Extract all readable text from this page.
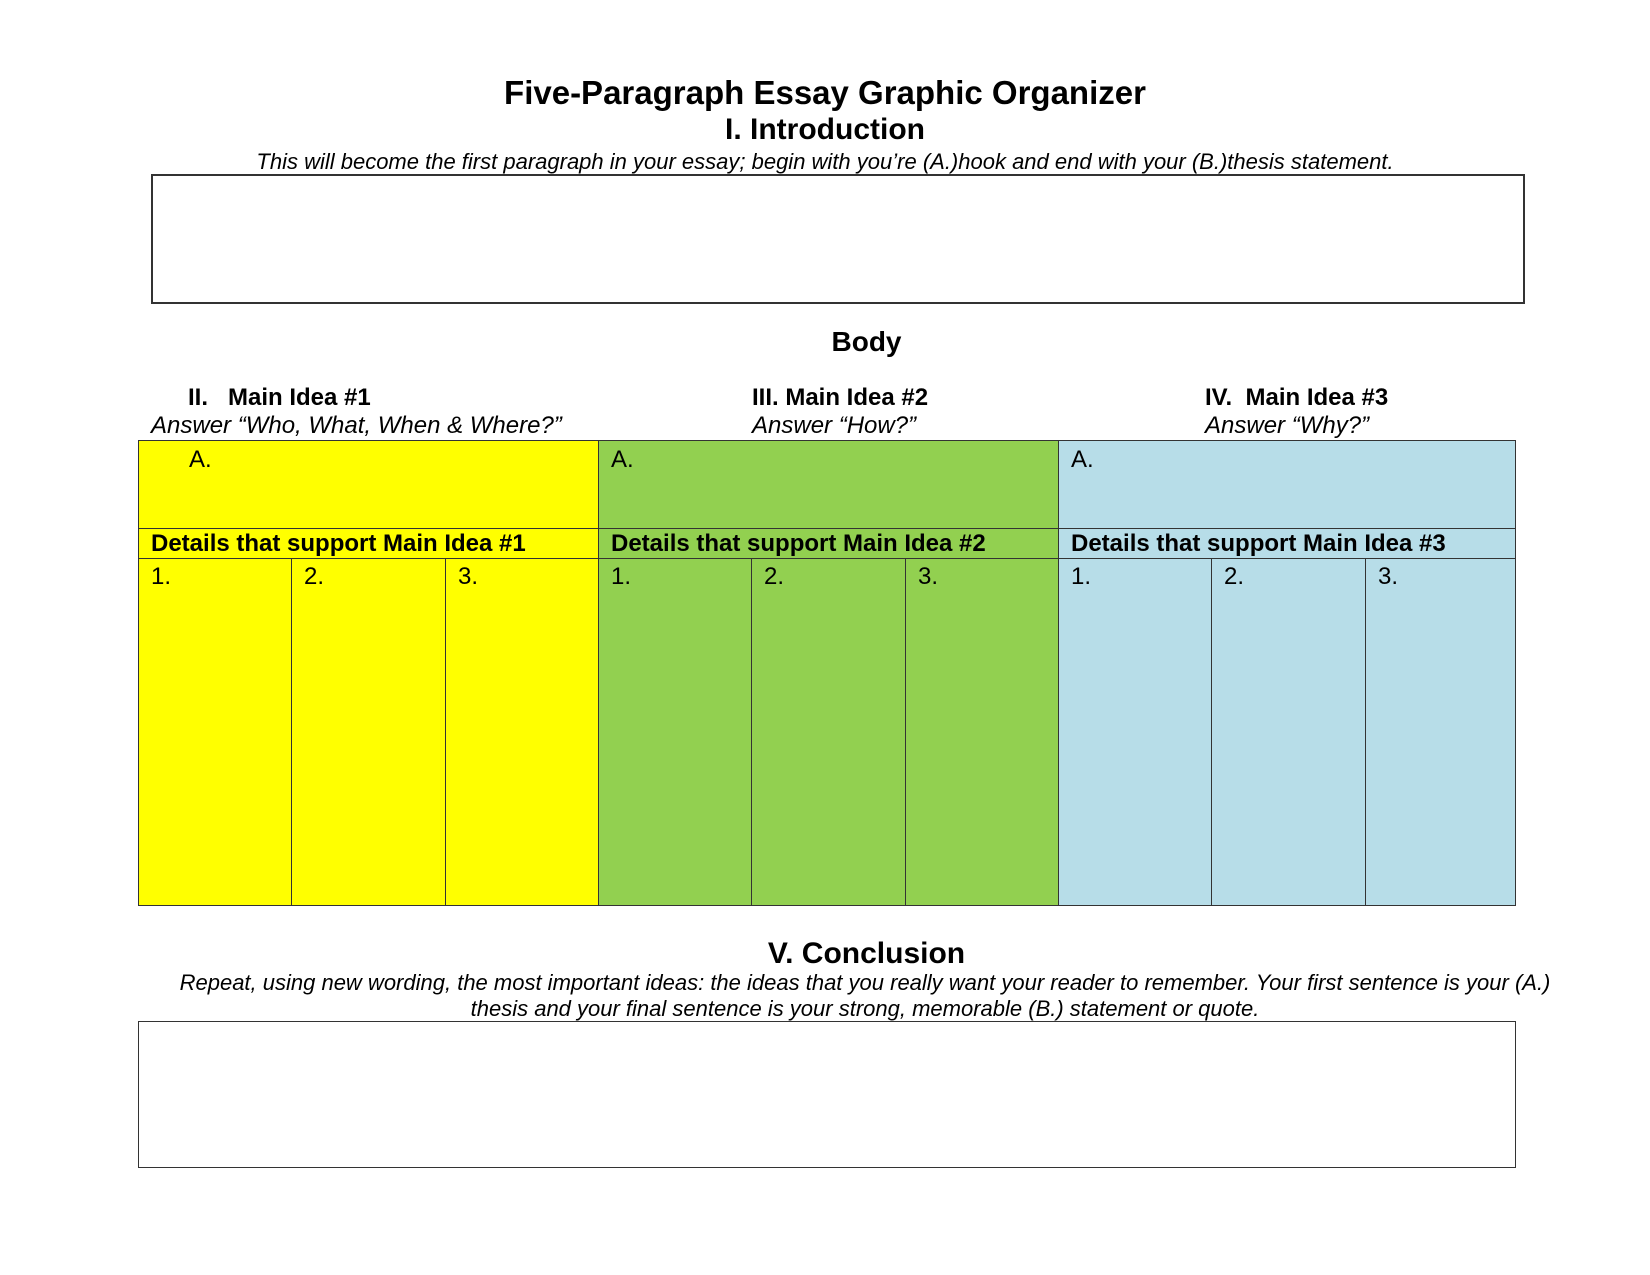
Five-Paragraph Essay Graphic Organizer
I. Introduction
This will become the first paragraph in your essay; begin with you’re (A.)hook and end with your (B.)thesis statement.
Body
II.   Main Idea #1
Answer “Who, What, When & Where?”
III. Main Idea #2
Answer “How?”
IV.  Main Idea #3
Answer “Why?”
A.
Details that support Main Idea #1
1.	2.	3.
A.
Details that support Main Idea #2
1.	2.	3.
A.
Details that support Main Idea #3
1.	2.	3.
V. Conclusion
Repeat, using new wording, the most important ideas: the ideas that you really want your reader to remember. Your first sentence is your (A.) thesis and your final sentence is your strong, memorable (B.) statement or quote.
